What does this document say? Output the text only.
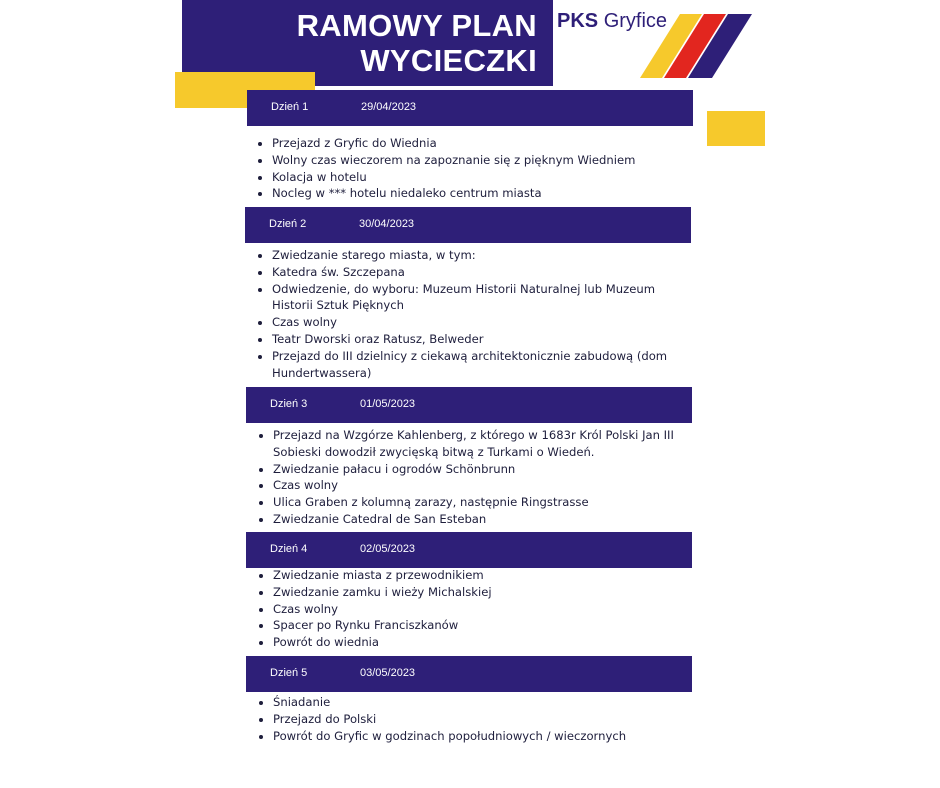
RAMOWY PLAN
WYCIECZKI
PKS Gryfice
Dzień 1	29/04/2023
Przejazd z Gryfic do Wiednia
Wolny czas wieczorem na zapoznanie się z pięknym Wiedniem
Kolacja w hotelu
Nocleg w *** hotelu niedaleko centrum miasta
Dzień 2	30/04/2023
Zwiedzanie starego miasta, w tym:
Katedra św. Szczepana
Odwiedzenie, do wyboru: Muzeum Historii Naturalnej lub Muzeum Historii Sztuk Pięknych
Czas wolny
Teatr Dworski oraz Ratusz, Belweder
Przejazd do III dzielnicy z ciekawą architektonicznie zabudową (dom Hundertwassera)
Dzień 3	01/05/2023
Przejazd na Wzgórze Kahlenberg, z którego w 1683r Król Polski Jan III Sobieski dowodził zwycięską bitwą z Turkami o Wiedeń.
Zwiedzanie pałacu i ogrodów Schönbrunn
Czas wolny
Ulica Graben z kolumną zarazy, następnie Ringstrasse
Zwiedzanie Catedral de San Esteban
Dzień 4	02/05/2023
Zwiedzanie miasta z przewodnikiem
Zwiedzanie zamku i wieży Michalskiej
Czas wolny
Spacer po Rynku Franciszkanów
Powrót do wiednia
Dzień 5	03/05/2023
Śniadanie
Przejazd do Polski
Powrót do Gryfic w godzinach popołudniowych / wieczornych
